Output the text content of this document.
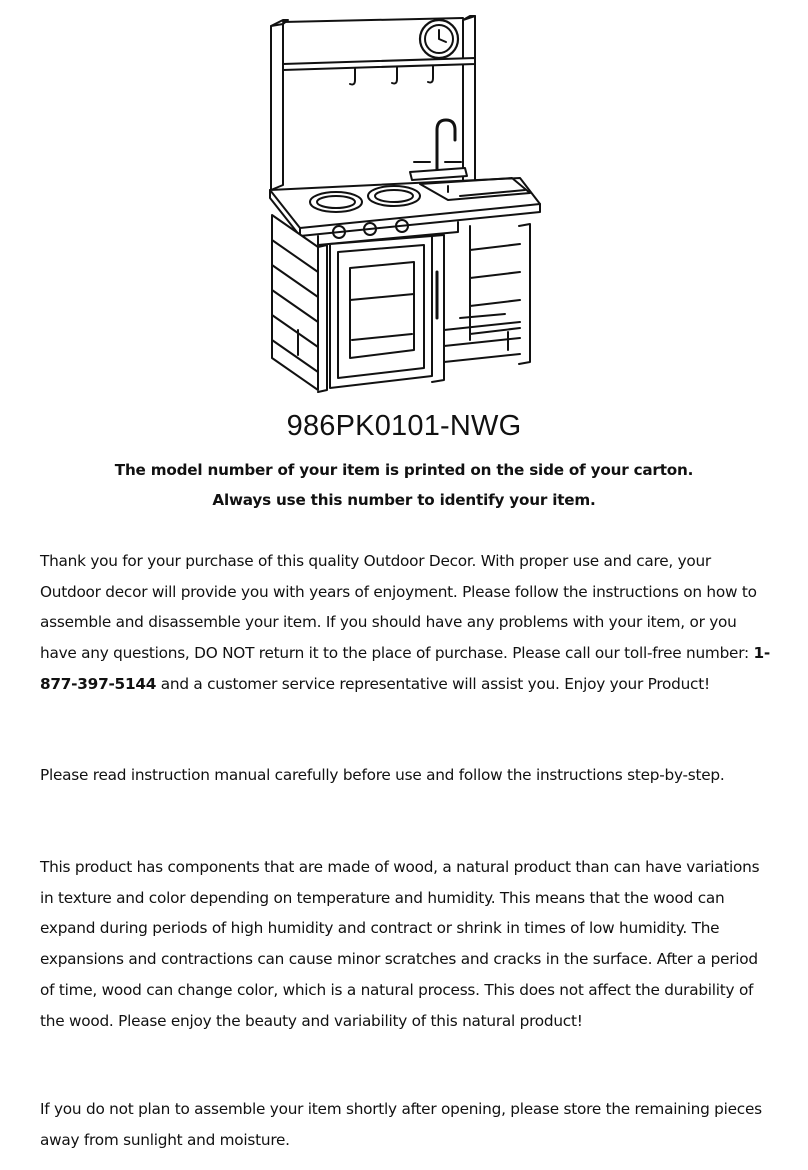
986PK0101-NWG
The model number of your item is printed on the side of your carton.
Always use this number to identify your item.
Thank you for your purchase of this quality Outdoor Decor. With proper use and care, your Outdoor decor will provide you with years of enjoyment. Please follow the instructions on how to assemble and disassemble your item. If you should have any problems with your item, or you have any questions, DO NOT return it to the place of purchase. Please call our toll-free number: 1-877-397-5144 and a customer service representative will assist you. Enjoy your Product!
Please read instruction manual carefully before use and follow the instructions step-by-step.
This product has components that are made of wood, a natural product than can have variations in texture and color depending on temperature and humidity. This means that the wood can expand during periods of high humidity and contract or shrink in times of low humidity. The expansions and contractions can cause minor scratches and cracks in the surface. After a period of time, wood can change color, which is a natural process. This does not affect the durability of the wood. Please enjoy the beauty and variability of this natural product!
If you do not plan to assemble your item shortly after opening, please store the remaining pieces away from sunlight and moisture.
